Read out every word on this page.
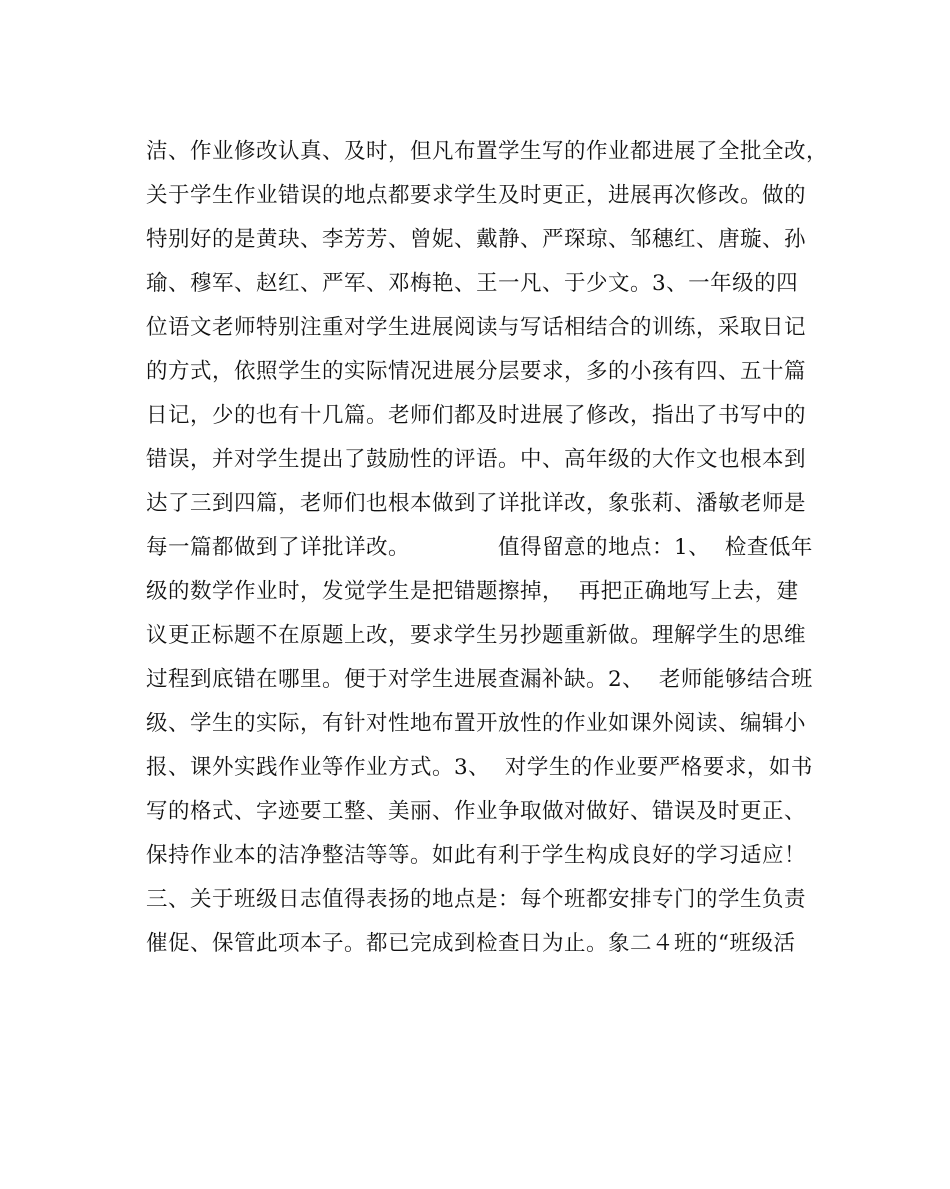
洁、作业修改认真、及时，但凡布置学生写的作业都进展了全批全改，
关于学生作业错误的地点都要求学生及时更正，进展再次修改。做的
特别好的是黄玦、李芳芳、曾妮、戴静、严琛琼、邹穗红、唐璇、孙
瑜、穆军、赵红、严军、邓梅艳、王一凡、于少文。3、一年级的四
位语文老师特别注重对学生进展阅读与写话相结合的训练，采取日记
的方式，依照学生的实际情况进展分层要求，多的小孩有四、五十篇
日记，少的也有十几篇。老师们都及时进展了修改，指出了书写中的
错误，并对学生提出了鼓励性的评语。中、高年级的大作文也根本到
达了三到四篇，老师们也根本做到了详批详改，象张莉、潘敏老师是
每一篇都做到了详批详改。            值得留意的地点：1、  检查低年
级的数学作业时，发觉学生是把错题擦掉，  再把正确地写上去，建
议更正标题不在原题上改，要求学生另抄题重新做。理解学生的思维
过程到底错在哪里。便于对学生进展查漏补缺。2、  老师能够结合班
级、学生的实际，有针对性地布置开放性的作业如课外阅读、编辑小
报、课外实践作业等作业方式。3、  对学生的作业要严格要求，如书
写的格式、字迹要工整、美丽、作业争取做对做好、错误及时更正、
保持作业本的洁净整洁等等。如此有利于学生构成良好的学习适应！
三、关于班级日志值得表扬的地点是：每个班都安排专门的学生负责
催促、保管此项本子。都已完成到检查日为止。象二４班的“班级活
